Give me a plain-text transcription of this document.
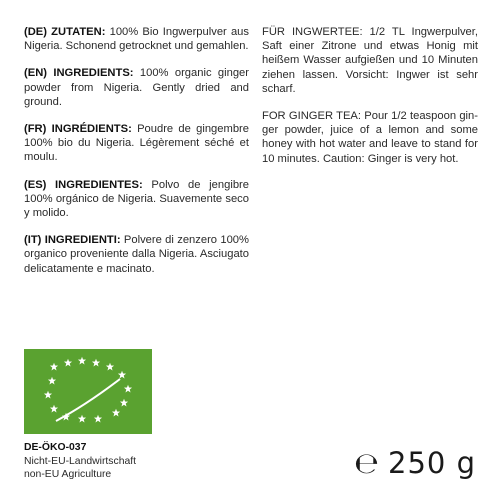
(DE) ZUTATEN: 100% Bio Ingwerpulver aus Nigeria. Schonend getrocknet und gemahlen.

(EN) INGREDIENTS: 100% organic ginger powder from Nigeria. Gently dried and ground.

(FR) INGRÉDIENTS: Poudre de gingembre 100% bio du Nigeria. Légèrement séché et moulu.

(ES) INGREDIENTES: Polvo de jengibre 100% orgánico de Nigeria. Suavemente seco y molido.

(IT) INGREDIENTI: Polvere di zenzero 100% organico proveniente dalla Nigeria. Asciugato delicatamente e macinato.

FÜR INGWERTEE: 1/2 TL Ingwerpulver, Saft einer Zitrone und etwas Honig mit heißem Wasser aufgießen und 10 Minuten ziehen lassen. Vorsicht: Ingwer ist sehr scharf.

FOR GINGER TEA: Pour 1/2 teaspoon ginger powder, juice of a lemon and some honey with hot water and leave to stand for 10 minutes. Caution: Ginger is very hot.

DE-ÖKO-037
Nicht-EU-Landwirtschaft
non-EU Agriculture	℮ 250 g
